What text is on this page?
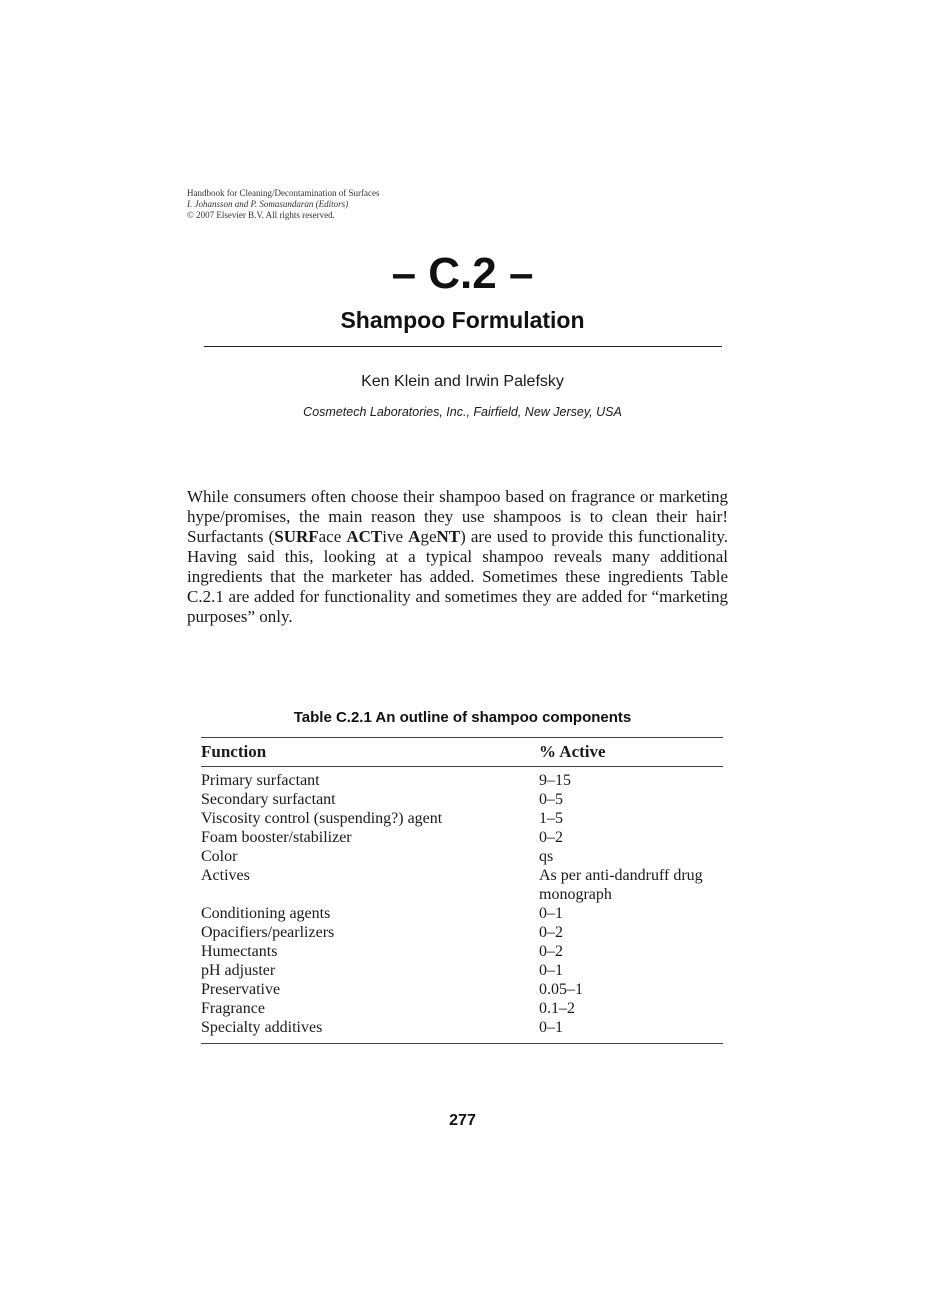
Handbook for Cleaning/Decontamination of Surfaces
I. Johansson and P. Somasundaran (Editors)
© 2007 Elsevier B.V. All rights reserved.
– C.2 –
Shampoo Formulation
Ken Klein and Irwin Palefsky
Cosmetech Laboratories, Inc., Fairfield, New Jersey, USA
While consumers often choose their shampoo based on fragrance or marketing hype/promises, the main reason they use shampoos is to clean their hair! Surfactants (SURFace ACTive AgeNT) are used to provide this functionality. Having said this, looking at a typical shampoo reveals many additional ingredients that the marketer has added. Sometimes these ingredients Table C.2.1 are added for functionality and sometimes they are added for “marketing purposes” only.
Table C.2.1 An outline of shampoo components
Function	% Active
Primary surfactant	9–15
Secondary surfactant	0–5
Viscosity control (suspending?) agent	1–5
Foam booster/stabilizer	0–2
Color	qs
Actives	As per anti-dandruff drug monograph
Conditioning agents	0–1
Opacifiers/pearlizers	0–2
Humectants	0–2
pH adjuster	0–1
Preservative	0.05–1
Fragrance	0.1–2
Specialty additives	0–1
277
